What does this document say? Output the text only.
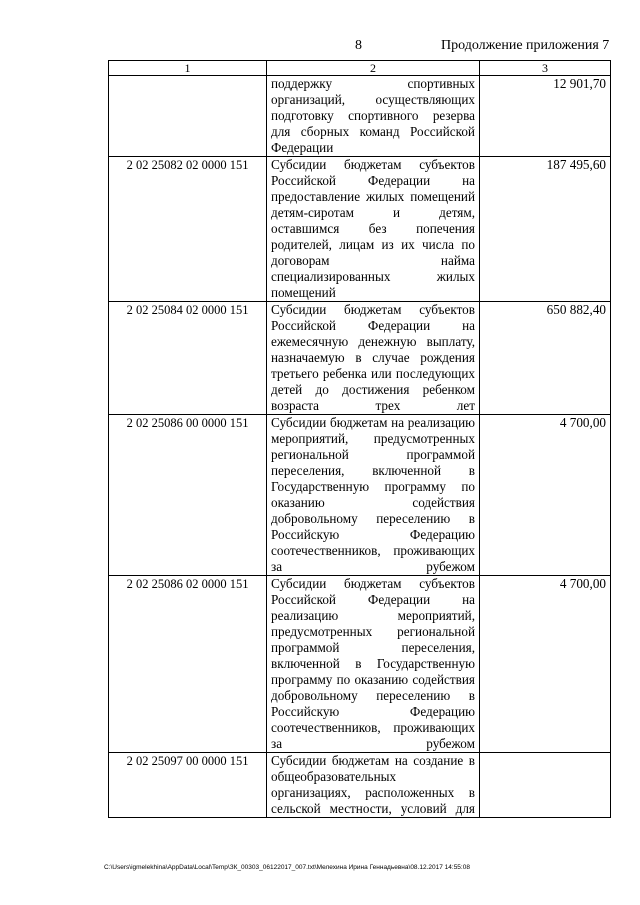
8	Продолжение приложения 7
1	2	3
	поддержку спортивных организаций, осуществляющих подготовку спортивного резерва для сборных команд Российской Федерации	12 901,70
2 02 25082 02 0000 151	Субсидии бюджетам субъектов Российской Федерации на предоставление жилых помещений детям-сиротам и детям, оставшимся без попечения родителей, лицам из их числа по договорам найма специализированных жилых помещений	187 495,60
2 02 25084 02 0000 151	Субсидии бюджетам субъектов Российской Федерации на ежемесячную денежную выплату, назначаемую в случае рождения третьего ребенка или последующих детей до достижения ребенком возраста трех лет	650 882,40
2 02 25086 00 0000 151	Субсидии бюджетам на реализацию мероприятий, предусмотренных региональной программой переселения, включенной в Государственную программу по оказанию содействия добровольному переселению в Российскую Федерацию соотечественников, проживающих за рубежом	4 700,00
2 02 25086 02 0000 151	Субсидии бюджетам субъектов Российской Федерации на реализацию мероприятий, предусмотренных региональной программой переселения, включенной в Государственную программу по оказанию содействия добровольному переселению в Российскую Федерацию соотечественников, проживающих за рубежом	4 700,00
2 02 25097 00 0000 151	Субсидии бюджетам на создание в общеобразовательных организациях, расположенных в сельской местности, условий для	
C:\Users\igmelekhina\AppData\Local\Temp\ЗК_00303_06122017_007.txt\Мелехина Ирина Геннадьевна\08.12.2017 14:55:08
